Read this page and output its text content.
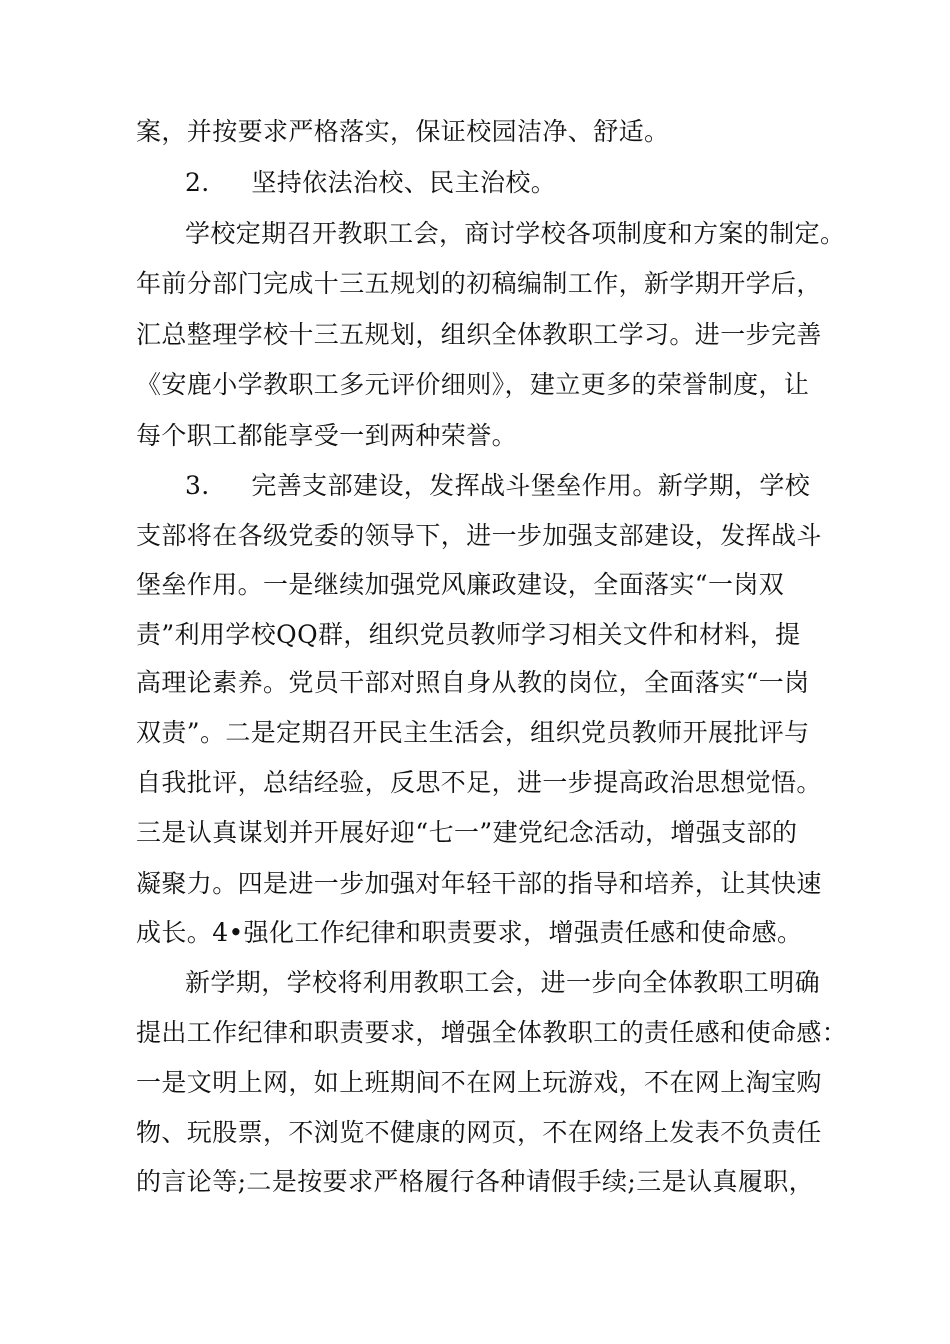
案，并按要求严格落实，保证校园洁净、舒适。
2.     坚持依法治校、民主治校。
学校定期召开教职工会，商讨学校各项制度和方案的制定。
年前分部门完成十三五规划的初稿编制工作，新学期开学后，
汇总整理学校十三五规划，组织全体教职工学习。进一步完善
《安鹿小学教职工多元评价细则》，建立更多的荣誉制度，让
每个职工都能享受一到两种荣誉。
3.     完善支部建设，发挥战斗堡垒作用。新学期，学校
支部将在各级党委的领导下，进一步加强支部建设，发挥战斗
堡垒作用。一是继续加强党风廉政建设，全面落实“一岗双
责”利用学校QQ群，组织党员教师学习相关文件和材料，提
高理论素养。党员干部对照自身从教的岗位，全面落实“一岗
双责”。二是定期召开民主生活会，组织党员教师开展批评与
自我批评，总结经验，反思不足，进一步提高政治思想觉悟。
三是认真谋划并开展好迎“七一”建党纪念活动，增强支部的
凝聚力。四是进一步加强对年轻干部的指导和培养，让其快速
成长。4•强化工作纪律和职责要求，增强责任感和使命感。
新学期，学校将利用教职工会，进一步向全体教职工明确
提出工作纪律和职责要求，增强全体教职工的责任感和使命感：
一是文明上网，如上班期间不在网上玩游戏，不在网上淘宝购
物、玩股票，不浏览不健康的网页，不在网络上发表不负责任
的言论等;二是按要求严格履行各种请假手续;三是认真履职，
